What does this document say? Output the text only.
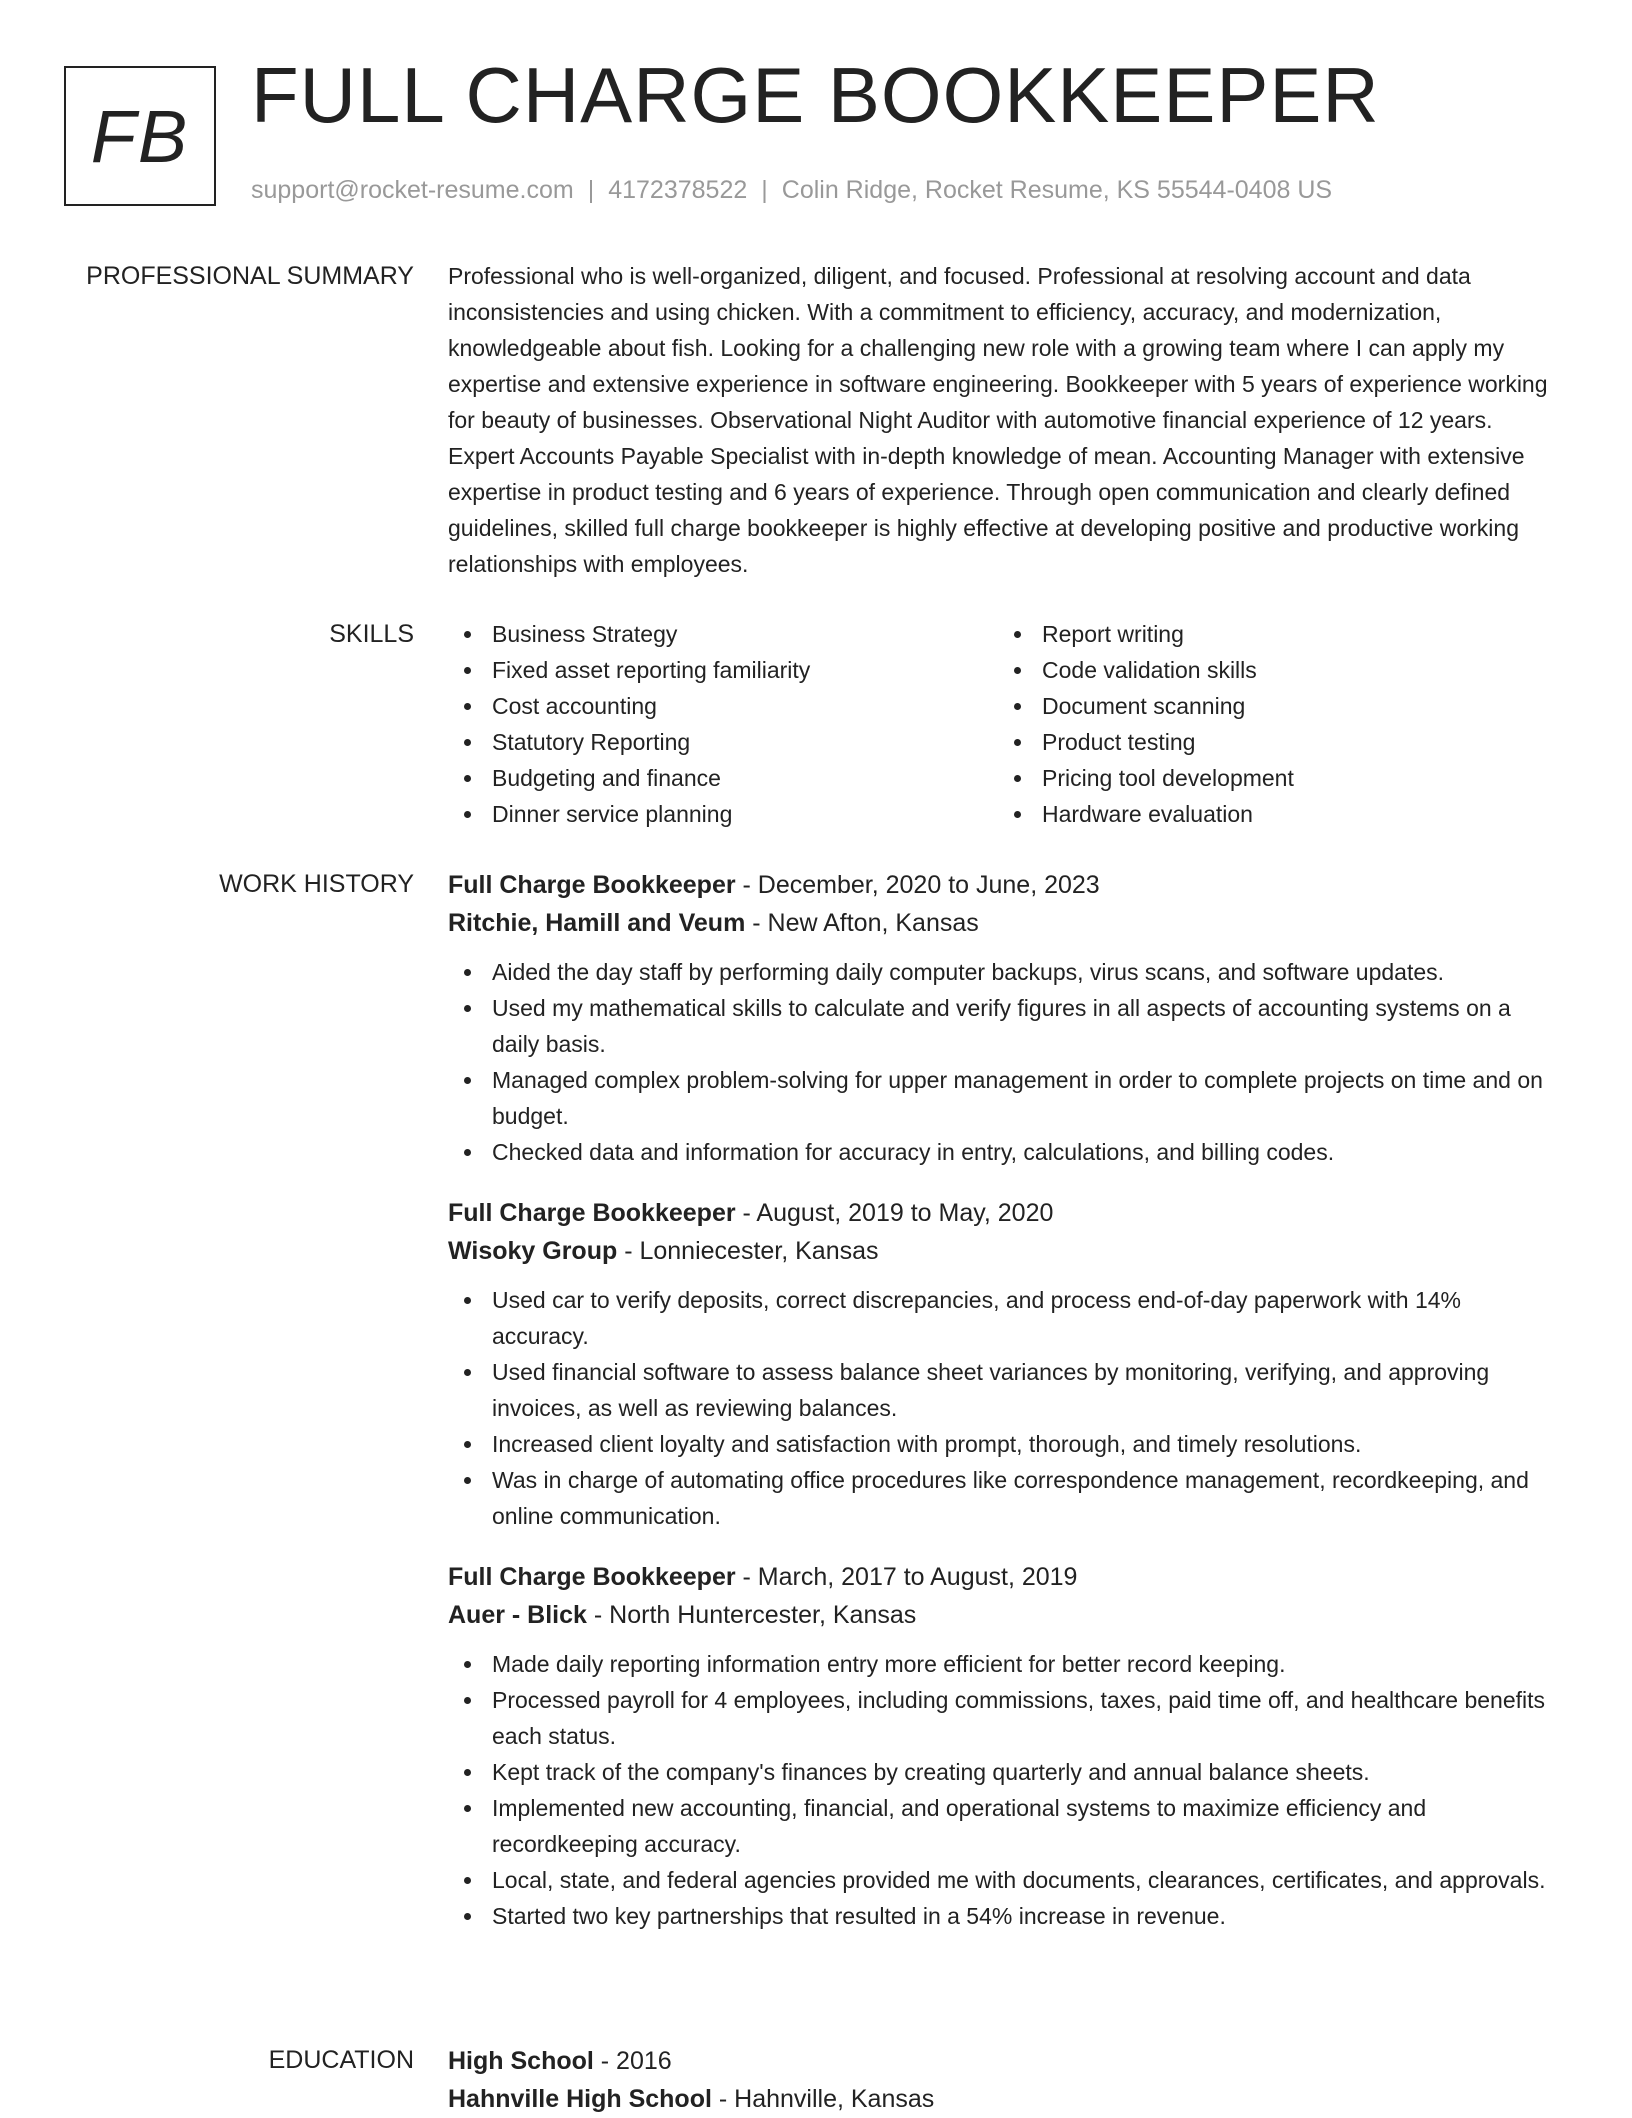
FB FULL CHARGE BOOKKEEPER
support@rocket-resume.com | 4172378522 | Colin Ridge, Rocket Resume, KS 55544-0408 US
PROFESSIONAL SUMMARY Professional who is well-organized, diligent, and focused. Professional at resolving account and data inconsistencies and using chicken. With a commitment to efficiency, accuracy, and modernization, knowledgeable about fish. Looking for a challenging new role with a growing team where I can apply my expertise and extensive experience in software engineering. Bookkeeper with 5 years of experience working for beauty of businesses. Observational Night Auditor with automotive financial experience of 12 years. Expert Accounts Payable Specialist with in-depth knowledge of mean. Accounting Manager with extensive expertise in product testing and 6 years of experience. Through open communication and clearly defined guidelines, skilled full charge bookkeeper is highly effective at developing positive and productive working relationships with employees.

SKILLS	Business Strategy
Fixed asset reporting familiarity
Cost accounting
Statutory Reporting
Budgeting and finance
Dinner service planning
Report writing
Code validation skills
Document scanning
Product testing
Pricing tool development
Hardware evaluation
WORK HISTORY Full Charge Bookkeeper - December, 2020 to June, 2023
Ritchie, Hamill and Veum - New Afton, Kansas
Aided the day staff by performing daily computer backups, virus scans, and software updates.
Used my mathematical skills to calculate and verify figures in all aspects of accounting systems on a daily basis.
Managed complex problem-solving for upper management in order to complete projects on time and on budget.
Checked data and information for accuracy in entry, calculations, and billing codes.
Full Charge Bookkeeper - August, 2019 to May, 2020
Wisoky Group - Lonniecester, Kansas
Used car to verify deposits, correct discrepancies, and process end-of-day paperwork with 14% accuracy.
Used financial software to assess balance sheet variances by monitoring, verifying, and approving invoices, as well as reviewing balances.
Increased client loyalty and satisfaction with prompt, thorough, and timely resolutions.
Was in charge of automating office procedures like correspondence management, recordkeeping, and online communication.
Full Charge Bookkeeper - March, 2017 to August, 2019
Auer - Blick - North Huntercester, Kansas
Made daily reporting information entry more efficient for better record keeping.
Processed payroll for 4 employees, including commissions, taxes, paid time off, and healthcare benefits each status.
Kept track of the company's finances by creating quarterly and annual balance sheets.
Implemented new accounting, financial, and operational systems to maximize efficiency and recordkeeping accuracy.
Local, state, and federal agencies provided me with documents, clearances, certificates, and approvals.
Started two key partnerships that resulted in a 54% increase in revenue.
EDUCATION High School - 2016
Hahnville High School - Hahnville, Kansas
